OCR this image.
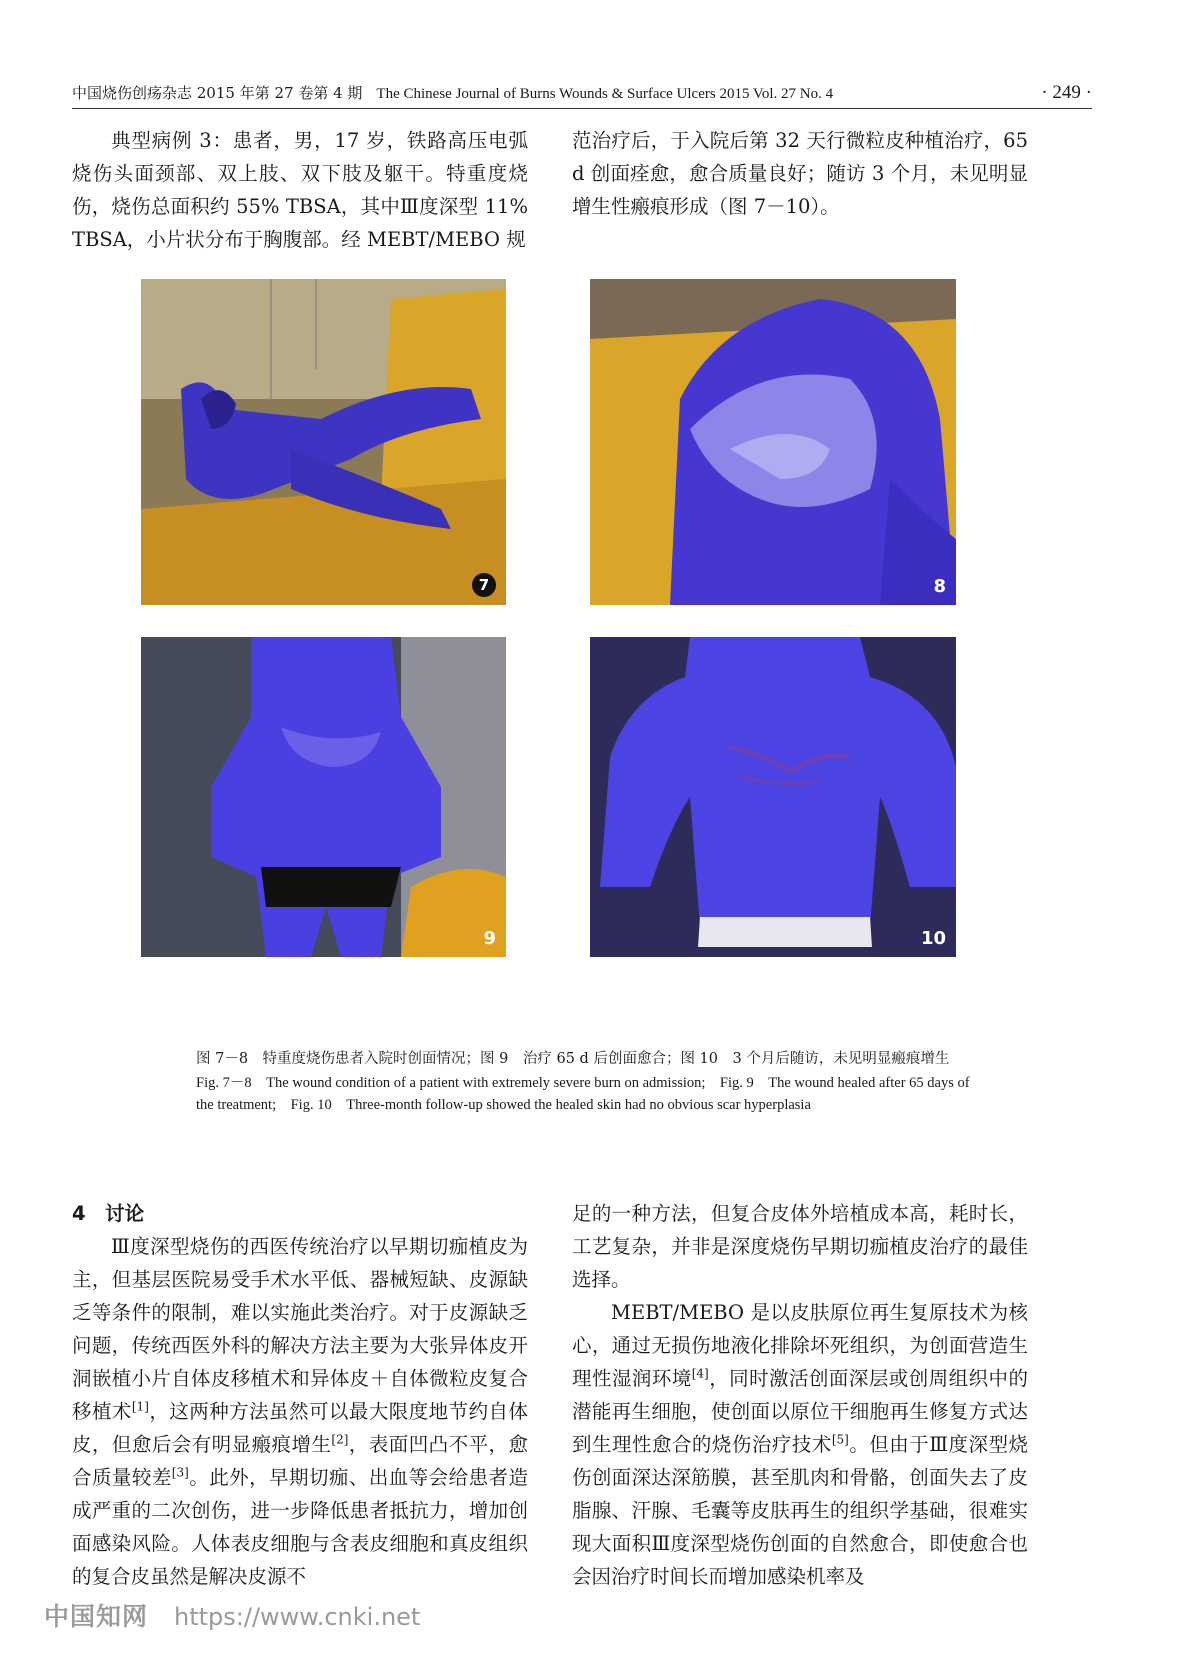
中国烧伤创疡杂志 2015 年第 27 卷第 4 期 The Chinese Journal of Burns Wounds & Surface Ulcers 2015 Vol. 27 No. 4	· 249 ·

典型病例 3：患者，男，17 岁，铁路高压电弧烧伤头面颈部、双上肢、双下肢及躯干。特重度烧伤，烧伤总面积约 55% TBSA，其中Ⅲ度深型 11% TBSA，小片状分布于胸腹部。经 MEBT/MEBO 规

范治疗后，于入院后第 32 天行微粒皮种植治疗，65 d 创面痊愈，愈合质量良好；随访 3 个月，未见明显增生性瘢痕形成（图 7－10）。

7	8
9	10

图 7－8　特重度烧伤患者入院时创面情况；图 9　治疗 65 d 后创面愈合；图 10　3 个月后随访，未见明显瘢痕增生

Fig. 7－8　The wound condition of a patient with extremely severe burn on admission;　Fig. 9　The wound healed after 65 days of the treatment;　Fig. 10　Three-month follow-up showed the healed skin had no obvious scar hyperplasia

4　讨论

Ⅲ度深型烧伤的西医传统治疗以早期切痂植皮为主，但基层医院易受手术水平低、器械短缺、皮源缺乏等条件的限制，难以实施此类治疗。对于皮源缺乏问题，传统西医外科的解决方法主要为大张异体皮开洞嵌植小片自体皮移植术和异体皮＋自体微粒皮复合移植术[1]，这两种方法虽然可以最大限度地节约自体皮，但愈后会有明显瘢痕增生[2]，表面凹凸不平，愈合质量较差[3]。此外，早期切痂、出血等会给患者造成严重的二次创伤，进一步降低患者抵抗力，增加创面感染风险。人体表皮细胞与含表皮细胞和真皮组织的复合皮虽然是解决皮源不

足的一种方法，但复合皮体外培植成本高，耗时长，工艺复杂，并非是深度烧伤早期切痂植皮治疗的最佳选择。

MEBT/MEBO 是以皮肤原位再生复原技术为核心，通过无损伤地液化排除坏死组织，为创面营造生理性湿润环境[4]，同时激活创面深层或创周组织中的潜能再生细胞，使创面以原位干细胞再生修复方式达到生理性愈合的烧伤治疗技术[5]。但由于Ⅲ度深型烧伤创面深达深筋膜，甚至肌肉和骨骼，创面失去了皮脂腺、汗腺、毛囊等皮肤再生的组织学基础，很难实现大面积Ⅲ度深型烧伤创面的自然愈合，即使愈合也会因治疗时间长而增加感染机率及

中国知网 https://www.cnki.net
